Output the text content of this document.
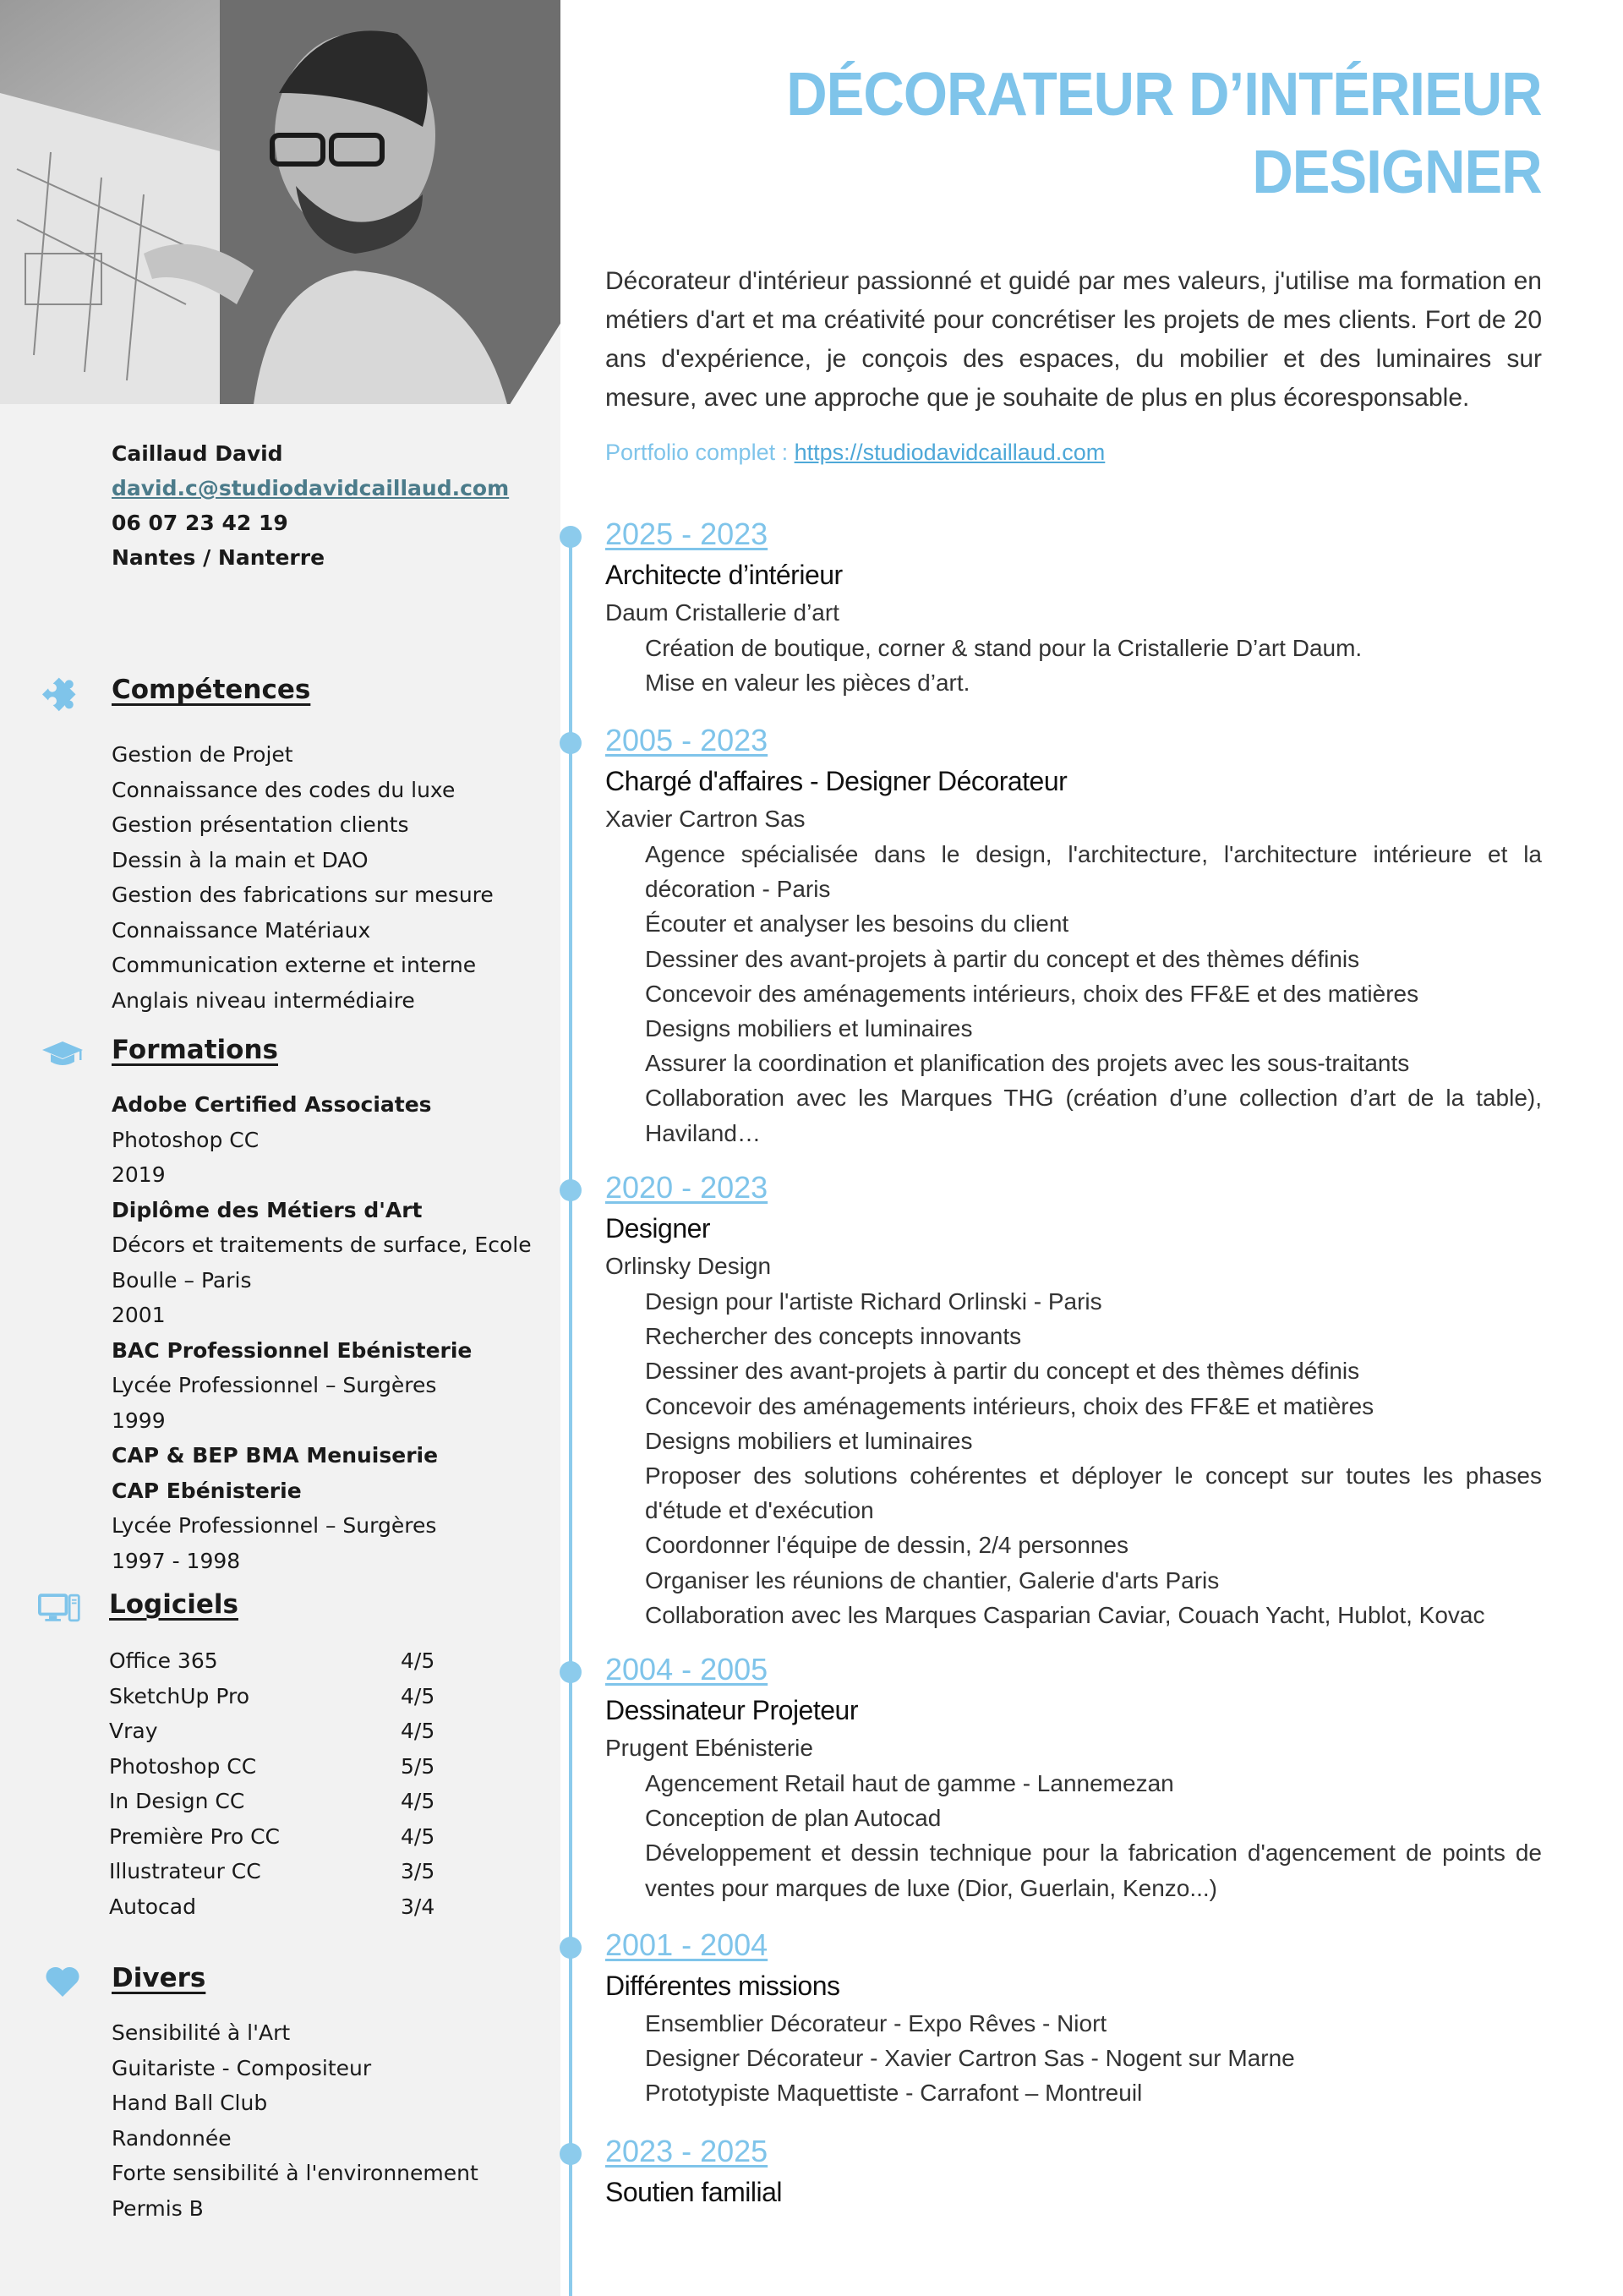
Caillaud David
david.c@studiodavidcaillaud.com
06 07 23 42 19
Nantes / Nanterre
Compétences
Gestion de Projet
Connaissance des codes du luxe
Gestion présentation clients
Dessin à la main et DAO
Gestion des fabrications sur mesure
Connaissance Matériaux
Communication externe et interne
Anglais niveau intermédiaire
Formations
Adobe Certified Associates
Photoshop CC
2019
Diplôme des Métiers d'Art
Décors et traitements de surface, Ecole
Boulle – Paris
2001
BAC Professionnel Ebénisterie
Lycée Professionnel – Surgères
1999
CAP & BEP BMA Menuiserie
CAP Ebénisterie
Lycée Professionnel – Surgères
1997 - 1998
Logiciels
Office 365	4/5
SketchUp Pro	4/5
Vray	4/5
Photoshop CC	5/5
In Design CC	4/5
Première Pro CC	4/5
Illustrateur CC	3/5
Autocad	3/4
Divers
Sensibilité à l'Art
Guitariste - Compositeur
Hand Ball Club
Randonnée
Forte sensibilité à l'environnement
Permis B
DÉCORATEUR D’INTÉRIEUR
DESIGNER
Décorateur d'intérieur passionné et guidé par mes valeurs, j'utilise ma formation en métiers d'art et ma créativité pour concrétiser les projets de mes clients. Fort de 20 ans d'expérience, je conçois des espaces, du mobilier et des luminaires sur mesure, avec une approche que je souhaite de plus en plus écoresponsable.
Portfolio complet : https://studiodavidcaillaud.com
2025 - 2023
Architecte d’intérieur
Daum Cristallerie d’art
Création de boutique, corner & stand pour la Cristallerie D’art Daum.
Mise en valeur les pièces d’art.
2005 - 2023
Chargé d'affaires - Designer Décorateur
Xavier Cartron Sas
Agence spécialisée dans le design, l'architecture, l'architecture intérieure et la décoration - Paris
Écouter et analyser les besoins du client
Dessiner des avant-projets à partir du concept et des thèmes définis
Concevoir des aménagements intérieurs, choix des FF&E et des matières
Designs mobiliers et luminaires
Assurer la coordination et planification des projets avec les sous-traitants
Collaboration avec les Marques THG (création d’une collection d’art de la table), Haviland…
2020 - 2023
Designer
Orlinsky Design
Design pour l'artiste Richard Orlinski - Paris
Rechercher des concepts innovants
Dessiner des avant-projets à partir du concept et des thèmes définis
Concevoir des aménagements intérieurs, choix des FF&E et matières
Designs mobiliers et luminaires
Proposer des solutions cohérentes et déployer le concept sur toutes les phases d'étude et d'exécution
Coordonner l'équipe de dessin, 2/4 personnes
Organiser les réunions de chantier, Galerie d'arts Paris
Collaboration avec les Marques Casparian Caviar, Couach Yacht, Hublot, Kovac
2004 - 2005
Dessinateur Projeteur
Prugent Ebénisterie
Agencement Retail haut de gamme - Lannemezan
Conception de plan Autocad
Développement et dessin technique pour la fabrication d'agencement de points de ventes pour marques de luxe (Dior, Guerlain, Kenzo...)
2001 - 2004
Différentes missions
Ensemblier Décorateur - Expo Rêves - Niort
Designer Décorateur - Xavier Cartron Sas - Nogent sur Marne
Prototypiste Maquettiste - Carrafont – Montreuil
2023 - 2025
Soutien familial
